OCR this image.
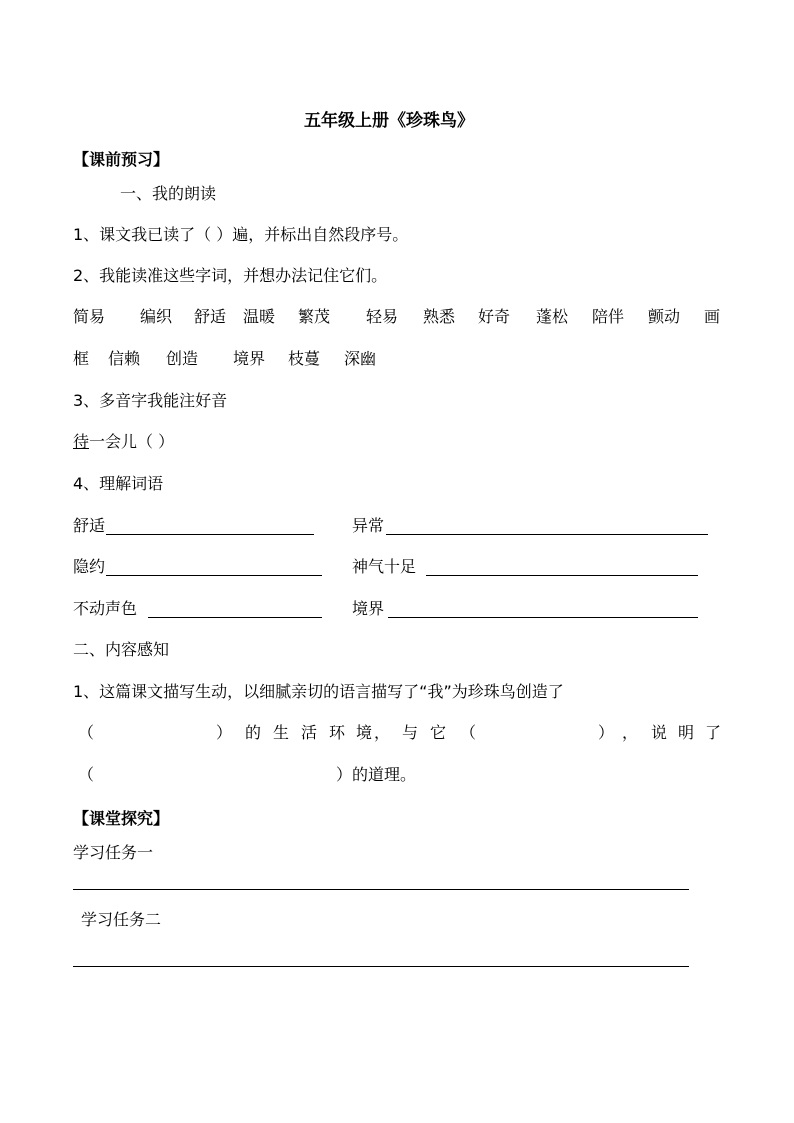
五年级上册《珍珠鸟》
【课前预习】
一、我的朗读
1、课文我已读了（ ）遍，并标出自然段序号。
2、我能读准这些字词，并想办法记住它们。
简易 编织 舒适 温暖 繁茂 轻易 熟悉 好奇 蓬松 陪伴 颤动 画
框 信赖 创造 境界 枝蔓 深幽
3、多音字我能注好音
待一会儿（ ）
4、理解词语
舒适	异常
隐约	神气十足
不动声色	境界
二、内容感知
1、这篇课文描写生动，以细腻亲切的语言描写了“我”为珍珠鸟创造了
（	） 的 生 活 环 境 ， 与 它 （	） ， 说 明 了
（	）的道理。
【课堂探究】
学习任务一
学习任务二
